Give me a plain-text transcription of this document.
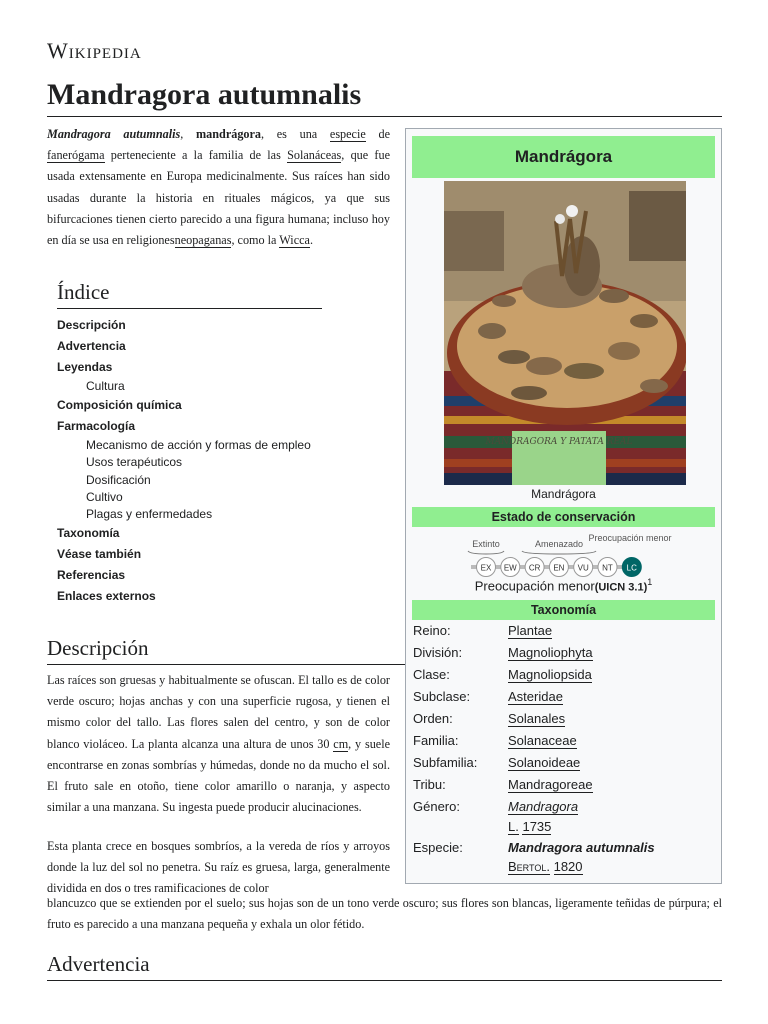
Wikipedia
Mandragora autumnalis
Mandragora autumnalis, mandrágora, es una especie de fanerógama perteneciente a la familia de las Solanáceas, que fue usada extensamente en Europa medicinalmente. Sus raíces han sido usadas durante la historia en rituales mágicos, ya que sus bifurcaciones tienen cierto parecido a una figura humana; incluso hoy en día se usa en religionesneopaganas, como la Wicca.
Índice
Descripción
Advertencia
Leyendas
Cultura
Composición química
Farmacología
Mecanismo de acción y formas de empleo
Usos terapéuticos
Dosificación
Cultivo
Plagas y enfermedades
Taxonomía
Véase también
Referencias
Enlaces externos
Descripción
Las raíces son gruesas y habitualmente se ofuscan. El tallo es de color verde oscuro; hojas anchas y con una superficie rugosa, y tienen el mismo color del tallo. Las flores salen del centro, y son de color blanco violáceo. La planta alcanza una altura de unos 30 cm, y suele encontrarse en zonas sombrías y húmedas, donde no da mucho el sol. El fruto sale en otoño, tiene color amarillo o naranja, y aspecto similar a una manzana. Su ingesta puede producir alucinaciones.
Esta planta crece en bosques sombríos, a la vereda de ríos y arroyos donde la luz del sol no penetra. Su raíz es gruesa, larga, generalmente dividida en dos o tres ramificaciones de color
blancuzco que se extienden por el suelo; sus hojas son de un tono verde oscuro; sus flores son blancas, ligeramente teñidas de púrpura; el fruto es parecido a una manzana pequeña y exhala un olor fétido.
Advertencia
Mandrágora
MANDRAGORA Y PATATA REAL
Mandrágora
Estado de conservación
Extinto	Amenazado
Preocupación menor
EX EW CR EN VU NT LC
Preocupación menor(UICN 3.1)$^1$
Taxonomía
Reino:	Plantae
División:	Magnoliophyta
Clase:	Magnoliopsida
Subclase:	Asteridae
Orden:	Solanales
Familia:	Solanaceae
Subfamilia: Solanoideae
Tribu:	Mandragoreae
Género:	Mandragora
L. 1735
Especie:	Mandragora autumnalis
Bertol. 1820
